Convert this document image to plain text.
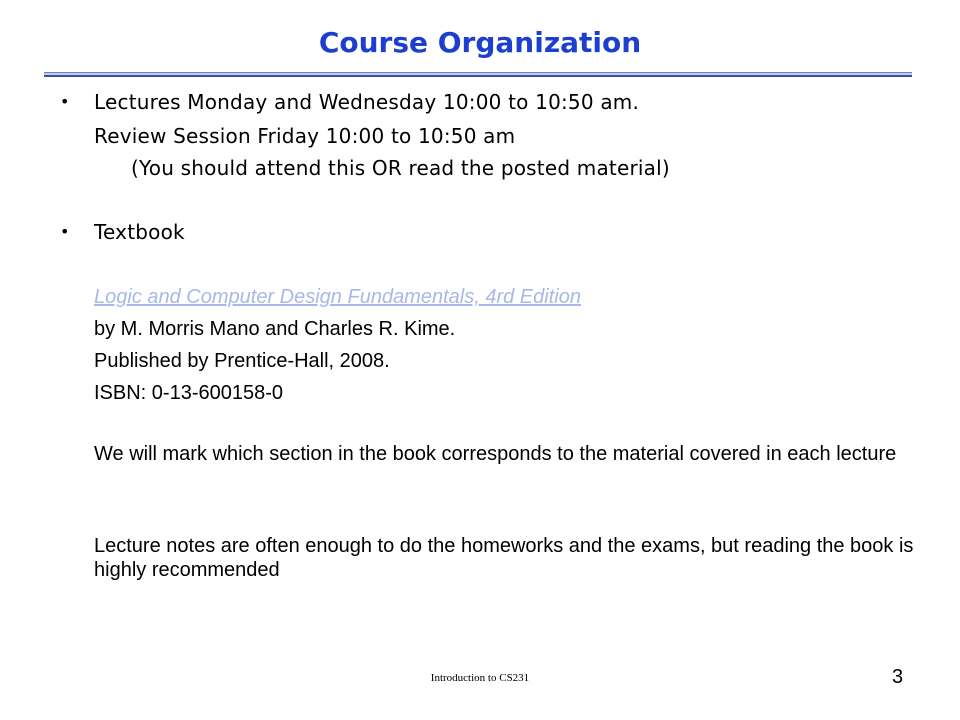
Course Organization
• Lectures Monday and Wednesday 10:00 to 10:50 am.
Review Session Friday 10:00 to 10:50 am
(You should attend this OR read the posted material)
• Textbook
Logic and Computer Design Fundamentals, 4rd Edition
by M. Morris Mano and Charles R. Kime.
Published by Prentice-Hall, 2008.
ISBN: 0-13-600158-0
We will mark which section in the book corresponds to the material covered in each lecture
Lecture notes are often enough to do the homeworks and the exams, but reading the book is highly recommended
Introduction to CS231	3
